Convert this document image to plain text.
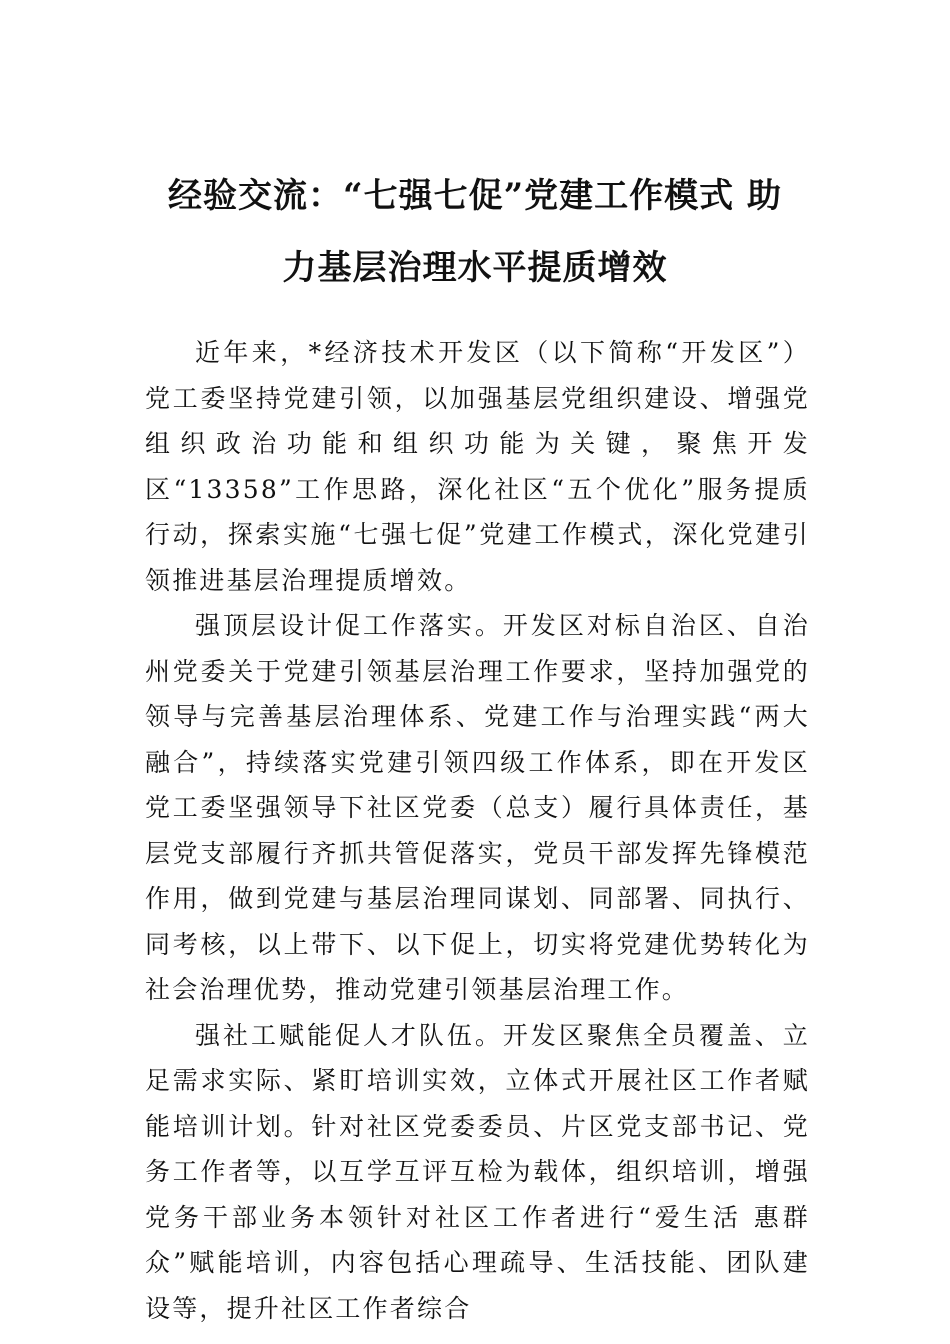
经验交流：“七强七促”党建工作模式 助
力基层治理水平提质增效

近年来，*经济技术开发区（以下简称“开发区”）党工委坚持党建引领，以加强基层党组织建设、增强党组织政治功能和组织功能为关键，聚焦开发区“13358”工作思路，深化社区“五个优化”服务提质行动，探索实施“七强七促”党建工作模式，深化党建引领推进基层治理提质增效。

强顶层设计促工作落实。开发区对标自治区、自治州党委关于党建引领基层治理工作要求，坚持加强党的领导与完善基层治理体系、党建工作与治理实践“两大融合”，持续落实党建引领四级工作体系，即在开发区党工委坚强领导下社区党委（总支）履行具体责任，基层党支部履行齐抓共管促落实，党员干部发挥先锋模范作用，做到党建与基层治理同谋划、同部署、同执行、同考核，以上带下、以下促上，切实将党建优势转化为社会治理优势，推动党建引领基层治理工作。

强社工赋能促人才队伍。开发区聚焦全员覆盖、立足需求实际、紧盯培训实效，立体式开展社区工作者赋能培训计划。针对社区党委委员、片区党支部书记、党务工作者等，以互学互评互检为载体，组织培训，增强党务干部业务本领针对社区工作者进行“爱生活 惠群众”赋能培训，内容包括心理疏导、生活技能、团队建设等，提升社区工作者综合
